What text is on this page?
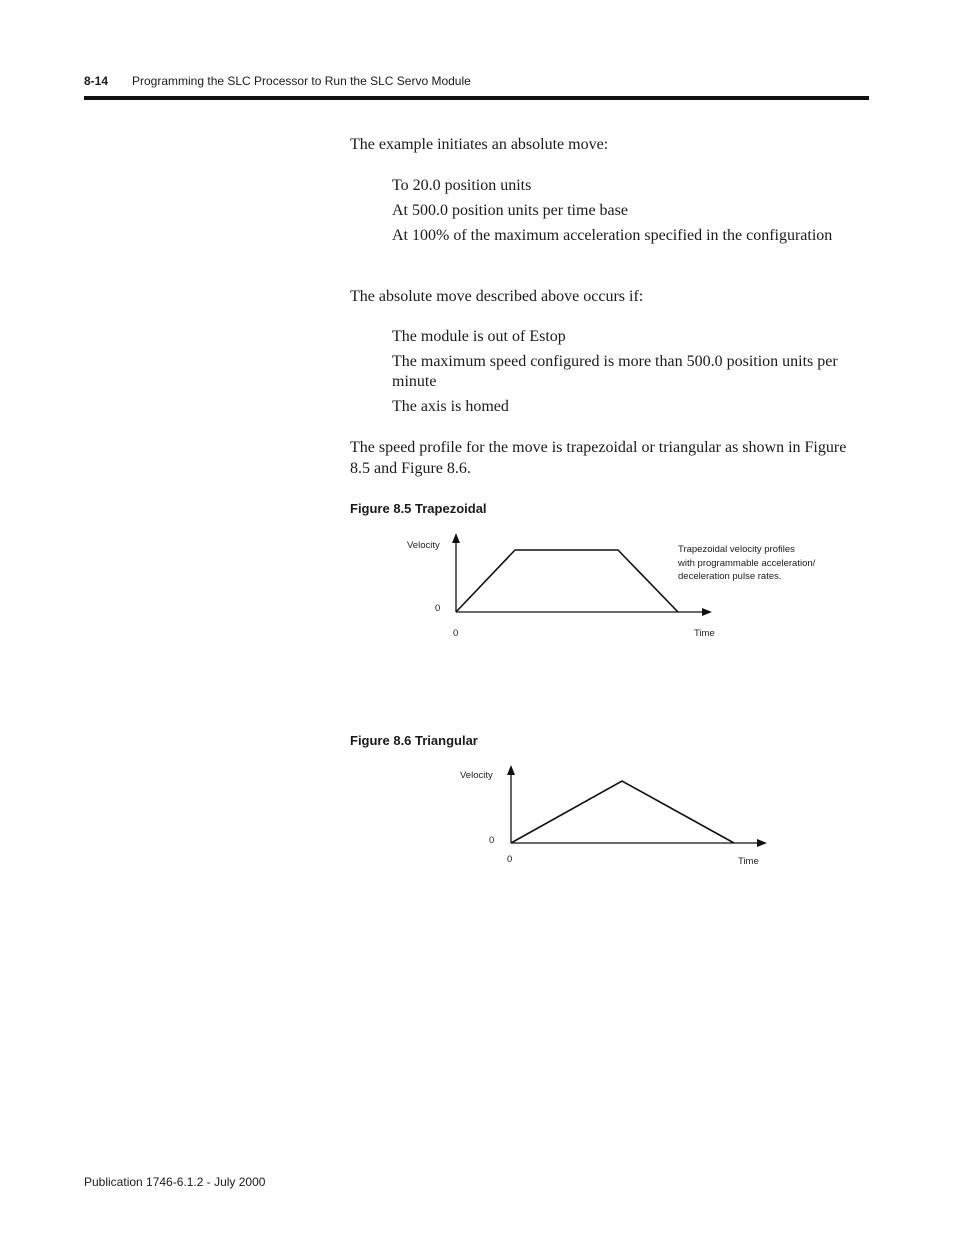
8-14 Programming the SLC Processor to Run the SLC Servo Module
The example initiates an absolute move:
To 20.0 position units
At 500.0 position units per time base
At 100% of the maximum acceleration specified in the configuration
The absolute move described above occurs if:
The module is out of Estop
The maximum speed configured is more than 500.0 position units per minute
The axis is homed
The speed profile for the move is trapezoidal or triangular as shown in Figure 8.5 and Figure 8.6.
Figure 8.5 Trapezoidal
Velocity
0
0	Time
Trapezoidal velocity profiles
with programmable acceleration/
deceleration pulse rates.
Figure 8.6 Triangular
Velocity
0
0	Time
Publication 1746-6.1.2 - July 2000
